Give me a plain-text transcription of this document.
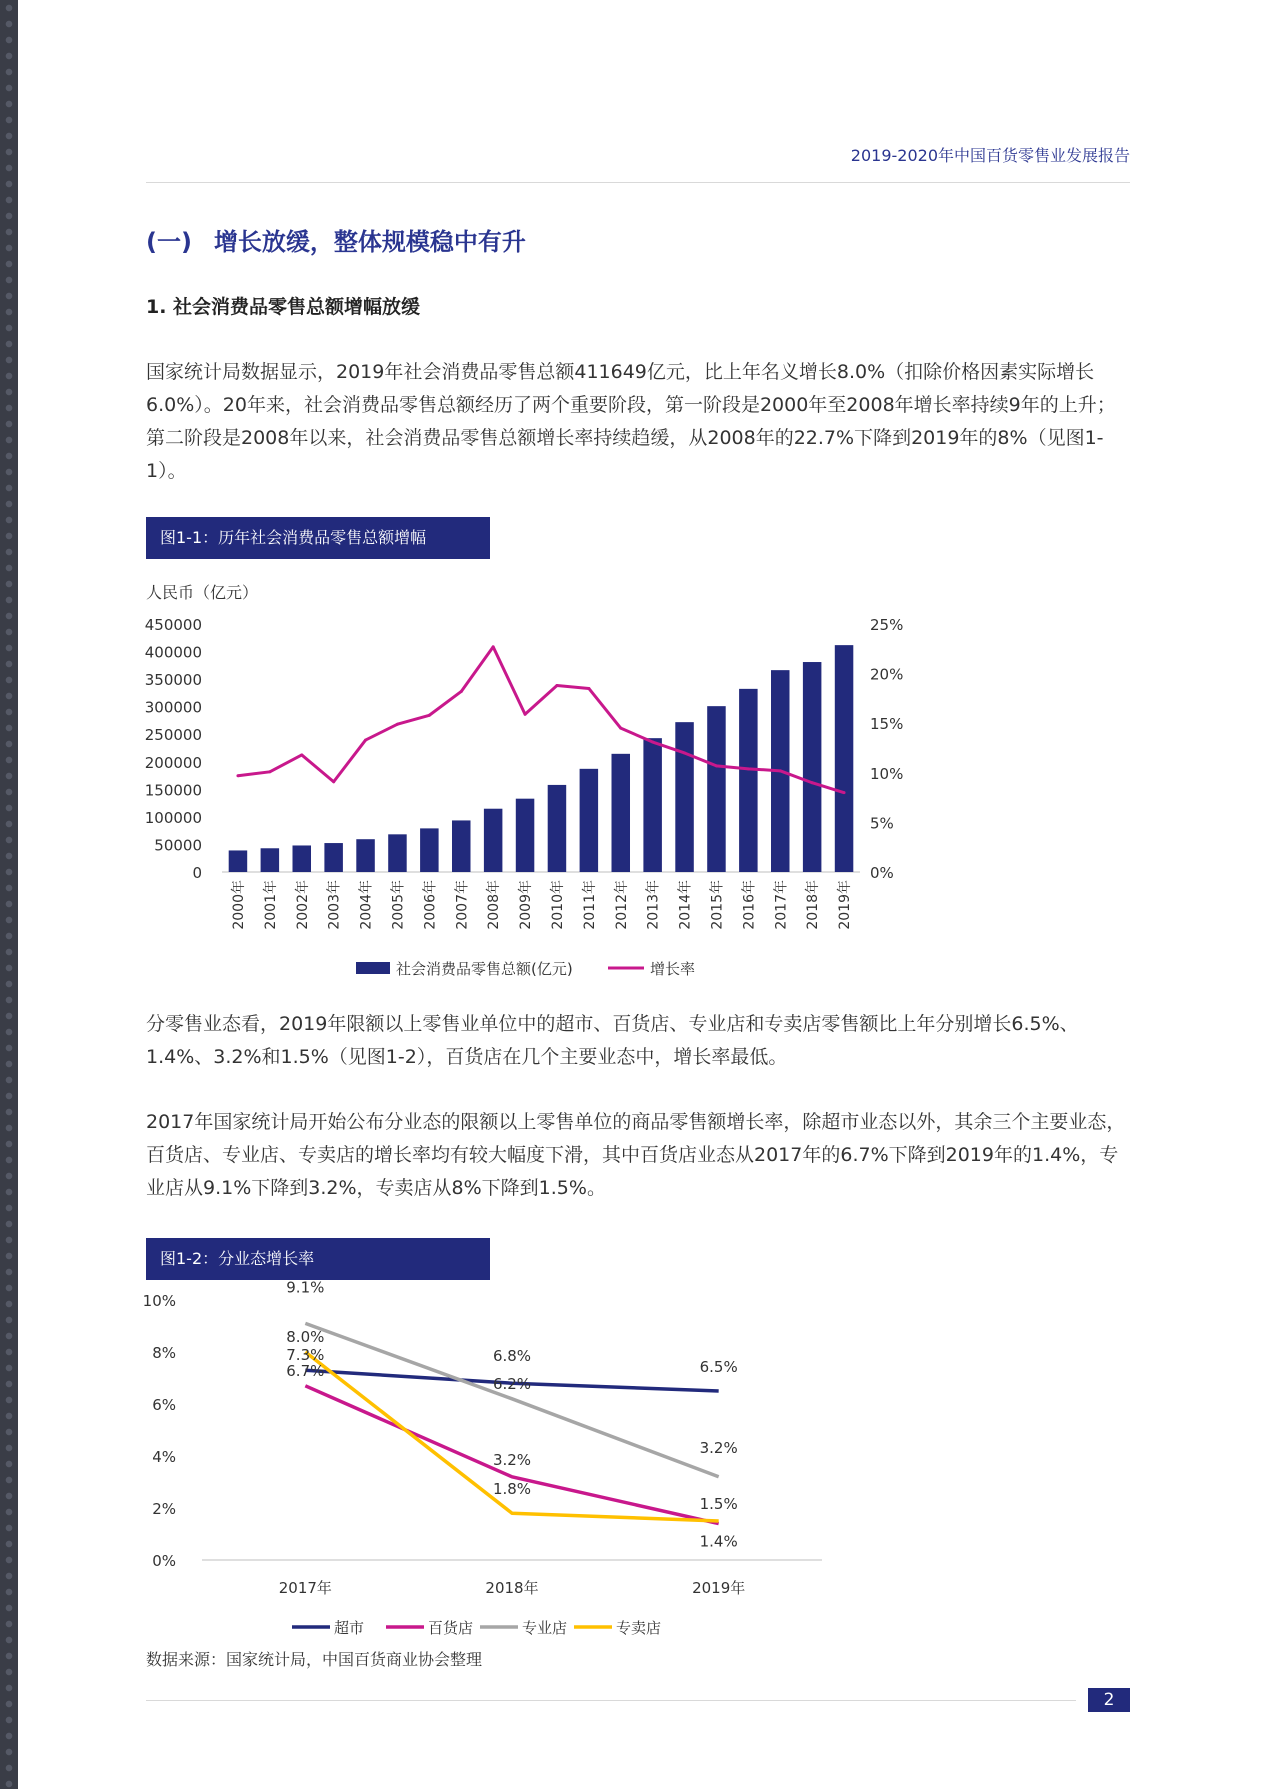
2019-2020年中国百货零售业发展报告
(一) 增长放缓，整体规模稳中有升
1. 社会消费品零售总额增幅放缓

国家统计局数据显示，2019年社会消费品零售总额411649亿元，比上年名义增长8.0%（扣除价格因素实际增长6.0%）。20年来，社会消费品零售总额经历了两个重要阶段，第一阶段是2000年至2008年增长率持续9年的上升；第二阶段是2008年以来，社会消费品零售总额增长率持续趋缓，从2008年的22.7%下降到2019年的8%（见图1-1）。

图1-1：历年社会消费品零售总额增幅
人民币（亿元）
0
50000
100000
150000
200000
250000
300000
350000
400000
450000
0%
5%
10%
15%
20%
25%
2000年 2001年 2002年 2003年 2004年 2005年 2006年 2007年 2008年 2009年 2010年 2011年 2012年 2013年 2014年 2015年 2016年 2017年 2018年 2019年
社会消费品零售总额(亿元)	增长率

分零售业态看，2019年限额以上零售业单位中的超市、百货店、专业店和专卖店零售额比上年分别增长6.5%、1.4%、3.2%和1.5%（见图1-2），百货店在几个主要业态中，增长率最低。

2017年国家统计局开始公布分业态的限额以上零售单位的商品零售额增长率，除超市业态以外，其余三个主要业态，百货店、专业店、专卖店的增长率均有较大幅度下滑，其中百货店业态从2017年的6.7%下降到2019年的1.4%，专业店从9.1%下降到3.2%，专卖店从8%下降到1.5%。

图1-2：分业态增长率
0%
2%
4%
6%
8%
10%
2017年	2018年	2019年
9.1%
8.0%
7.3%
6.7%
6.8%
6.2%
3.2%
1.8%
6.5%
3.2%
1.5%
1.4%
超市	百货店	专业店	专卖店
数据来源：国家统计局，中国百货商业协会整理
2
